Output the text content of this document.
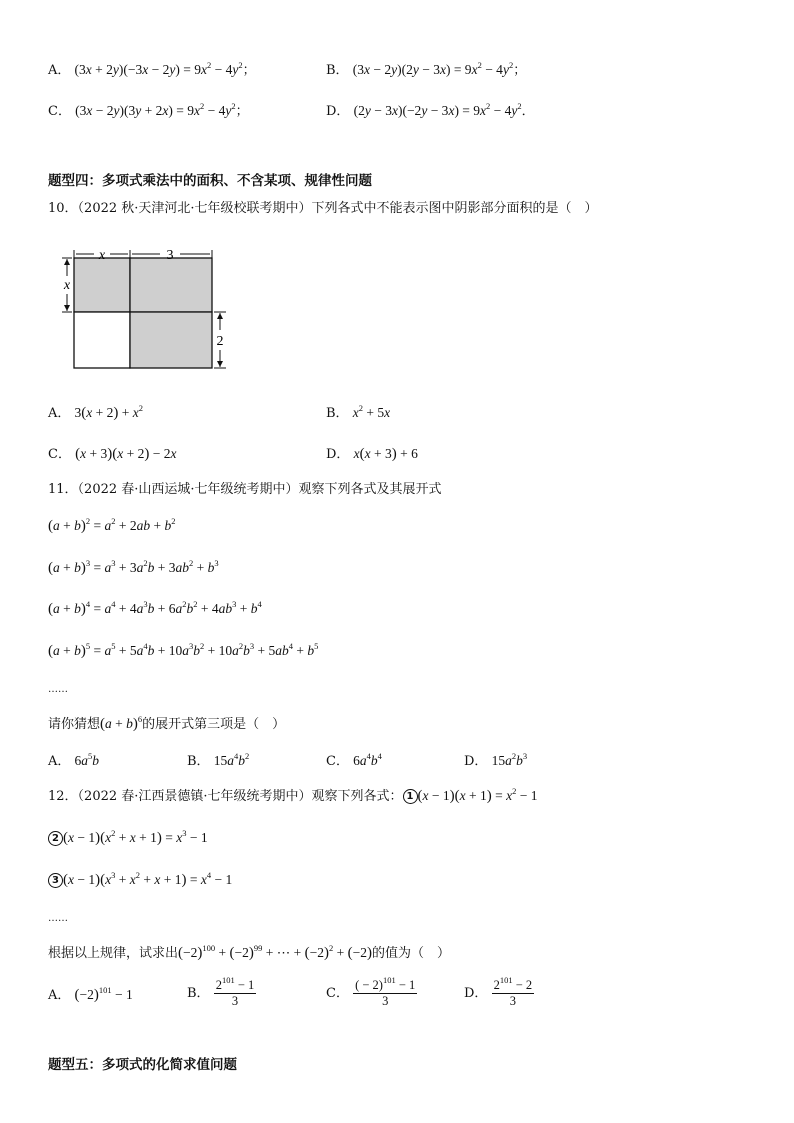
A． $(3x + 2y)(-3x - 2y) = 9x^2 - 4y^2$；	B． $(3x - 2y)(2y - 3x) = 9x^2 - 4y^2$；
C． $(3x - 2y)(3y + 2x) = 9x^2 - 4y^2$；	D． $(2y - 3x)(-2y - 3x) = 9x^2 - 4y^2$．
题型四：多项式乘法中的面积、不含某项、规律性问题
10．（2022 秋·天津河北·七年级校联考期中）下列各式中不能表示图中阴影部分面积的是（　）
x	3
x
2
A． $3(x + 2) + x^2$	B． $x^2 + 5x$
C． (x + 3)(x + 2) − 2x	D． x(x + 3) + 6
11．（2022 春·山西运城·七年级统考期中）观察下列各式及其展开式
$(a + b)^2 = a^2 + 2ab + b^2$
$(a + b)^3 = a^3 + 3a^2b + 3ab^2 + b^3$
$(a + b)^4 = a^4 + 4a^3b + 6a^2b^2 + 4ab^3 + b^4$
$(a + b)^5 = a^5 + 5a^4b + 10a^3b^2 + 10a^2b^3 + 5ab^4 + b^5$
……
请你猜想$(a + b)^6$的展开式第三项是（　）
A． $6a^5b$	B． $15a^4b^2$	C． $6a^4b^4$	D． $15a^2b^3$
12．（2022 春·江西景德镇·七年级统考期中）观察下列各式： 1 $(x - 1)(x + 1) = x^2 - 1$
2 $(x - 1)(x^2 + x + 1) = x^3 - 1$
3 $(x - 1)(x^3 + x^2 + x + 1) = x^4 - 1$
……
根据以上规律，试求出$(-2)^{100} + (-2)^{99}$ + ⋯ + $(-2)^2 + (-2)$的值为（　）
A． $(-2)^{101} - 1$	B． $\frac{2^{101} - 1}{3}$	C． $\frac{( - 2)^{101} - 1}{3}$	D． $\frac{2^{101} - 2}{3}$
题型五：多项式的化简求值问题
